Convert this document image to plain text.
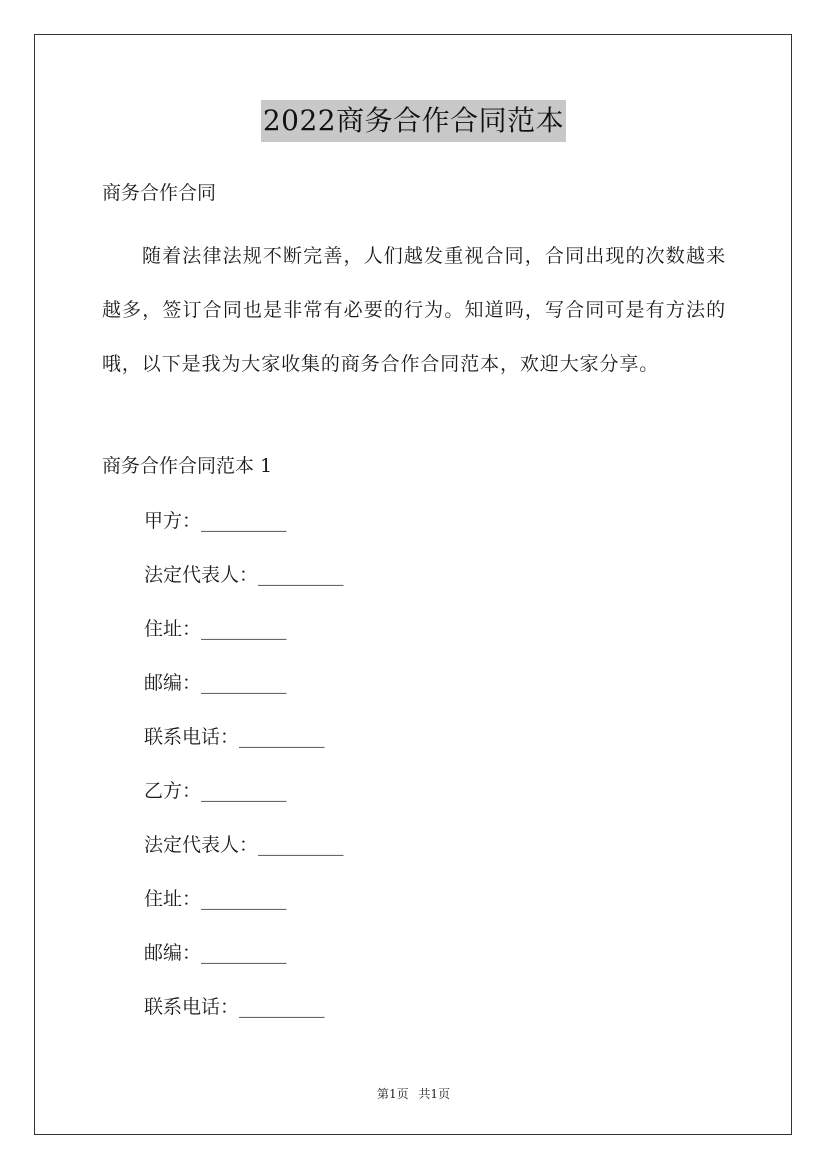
2022商务合作合同范本
商务合作合同
随着法律法规不断完善，人们越发重视合同，合同出现的次数越来越多，签订合同也是非常有必要的行为。知道吗，写合同可是有方法的哦，以下是我为大家收集的商务合作合同范本，欢迎大家分享。
商务合作合同范本 1
甲方：_________
法定代表人：_________
住址：_________
邮编：_________
联系电话：_________
乙方：_________
法定代表人：_________
住址：_________
邮编：_________
联系电话：_________
第1页 共1页
